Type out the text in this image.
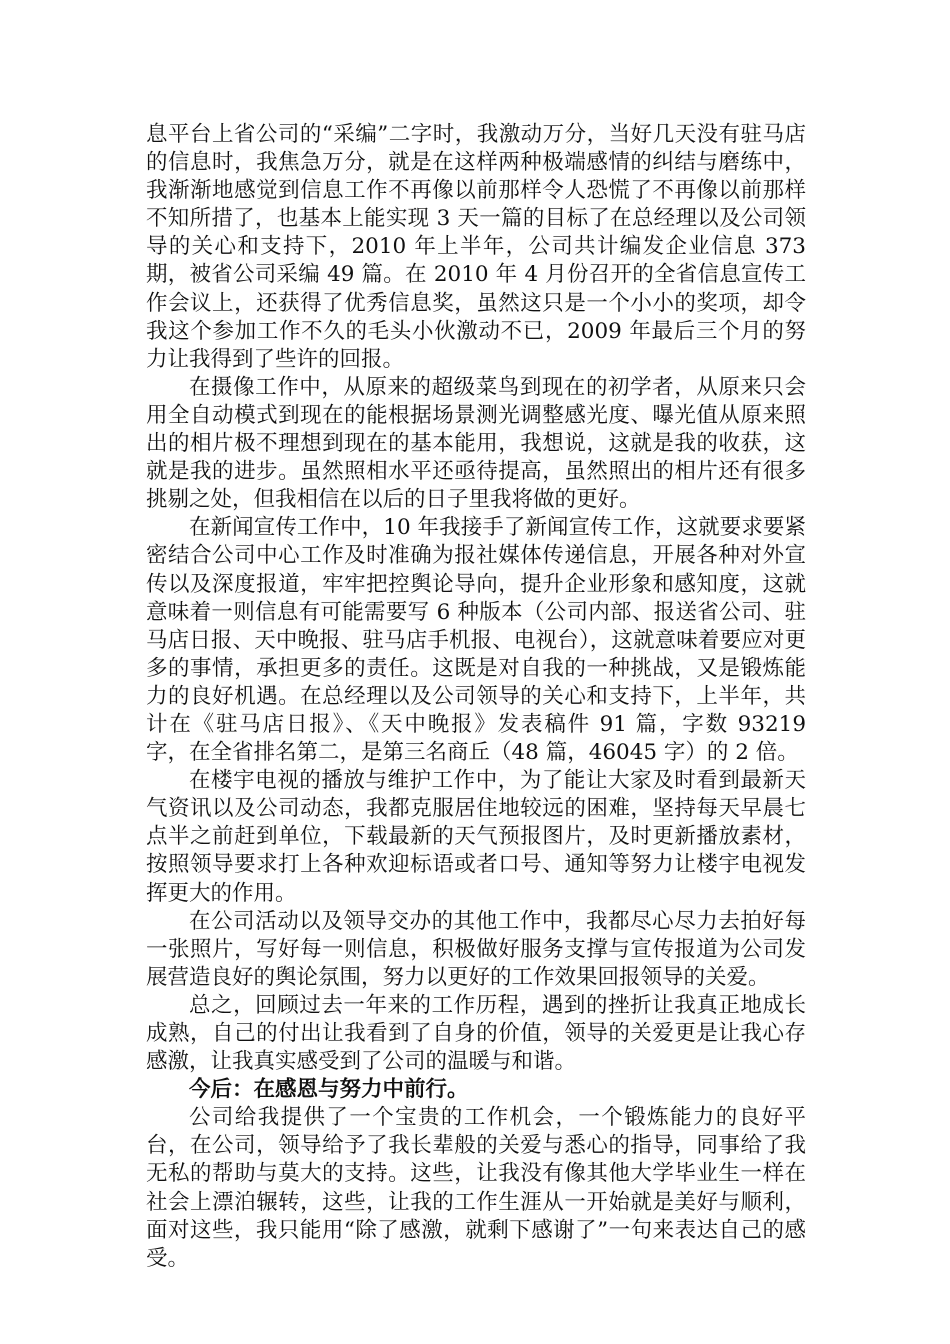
息平台上省公司的“采编”二字时，我激动万分，当好几天没有驻马店的信息时，我焦急万分，就是在这样两种极端感情的纠结与磨练中，我渐渐地感觉到信息工作不再像以前那样令人恐慌了不再像以前那样不知所措了，也基本上能实现 3 天一篇的目标了在总经理以及公司领导的关心和支持下，2010 年上半年，公司共计编发企业信息 373 期，被省公司采编 49 篇。在 2010 年 4 月份召开的全省信息宣传工作会议上，还获得了优秀信息奖，虽然这只是一个小小的奖项，却令我这个参加工作不久的毛头小伙激动不已，2009 年最后三个月的努力让我得到了些许的回报。

在摄像工作中，从原来的超级菜鸟到现在的初学者，从原来只会用全自动模式到现在的能根据场景测光调整感光度、曝光值从原来照出的相片极不理想到现在的基本能用，我想说，这就是我的收获，这就是我的进步。虽然照相水平还亟待提高，虽然照出的相片还有很多挑剔之处，但我相信在以后的日子里我将做的更好。

在新闻宣传工作中，10 年我接手了新闻宣传工作，这就要求要紧密结合公司中心工作及时准确为报社媒体传递信息，开展各种对外宣传以及深度报道，牢牢把控舆论导向，提升企业形象和感知度，这就意味着一则信息有可能需要写 6 种版本（公司内部、报送省公司、驻马店日报、天中晚报、驻马店手机报、电视台），这就意味着要应对更多的事情，承担更多的责任。这既是对自我的一种挑战，又是锻炼能力的良好机遇。在总经理以及公司领导的关心和支持下，上半年，共计在《驻马店日报》、《天中晚报》发表稿件 91 篇，字数 93219 字，在全省排名第二，是第三名商丘（48 篇，46045 字）的 2 倍。

在楼宇电视的播放与维护工作中，为了能让大家及时看到最新天气资讯以及公司动态，我都克服居住地较远的困难，坚持每天早晨七点半之前赶到单位，下载最新的天气预报图片，及时更新播放素材，按照领导要求打上各种欢迎标语或者口号、通知等努力让楼宇电视发挥更大的作用。

在公司活动以及领导交办的其他工作中，我都尽心尽力去拍好每一张照片，写好每一则信息，积极做好服务支撑与宣传报道为公司发展营造良好的舆论氛围，努力以更好的工作效果回报领导的关爱。

总之，回顾过去一年来的工作历程，遇到的挫折让我真正地成长成熟，自己的付出让我看到了自身的价值，领导的关爱更是让我心存感激，让我真实感受到了公司的温暖与和谐。

今后：在感恩与努力中前行。

公司给我提供了一个宝贵的工作机会，一个锻炼能力的良好平台，在公司，领导给予了我长辈般的关爱与悉心的指导，同事给了我无私的帮助与莫大的支持。这些，让我没有像其他大学毕业生一样在社会上漂泊辗转，这些，让我的工作生涯从一开始就是美好与顺利，面对这些，我只能用“除了感激，就剩下感谢了”一句来表达自己的感受。
